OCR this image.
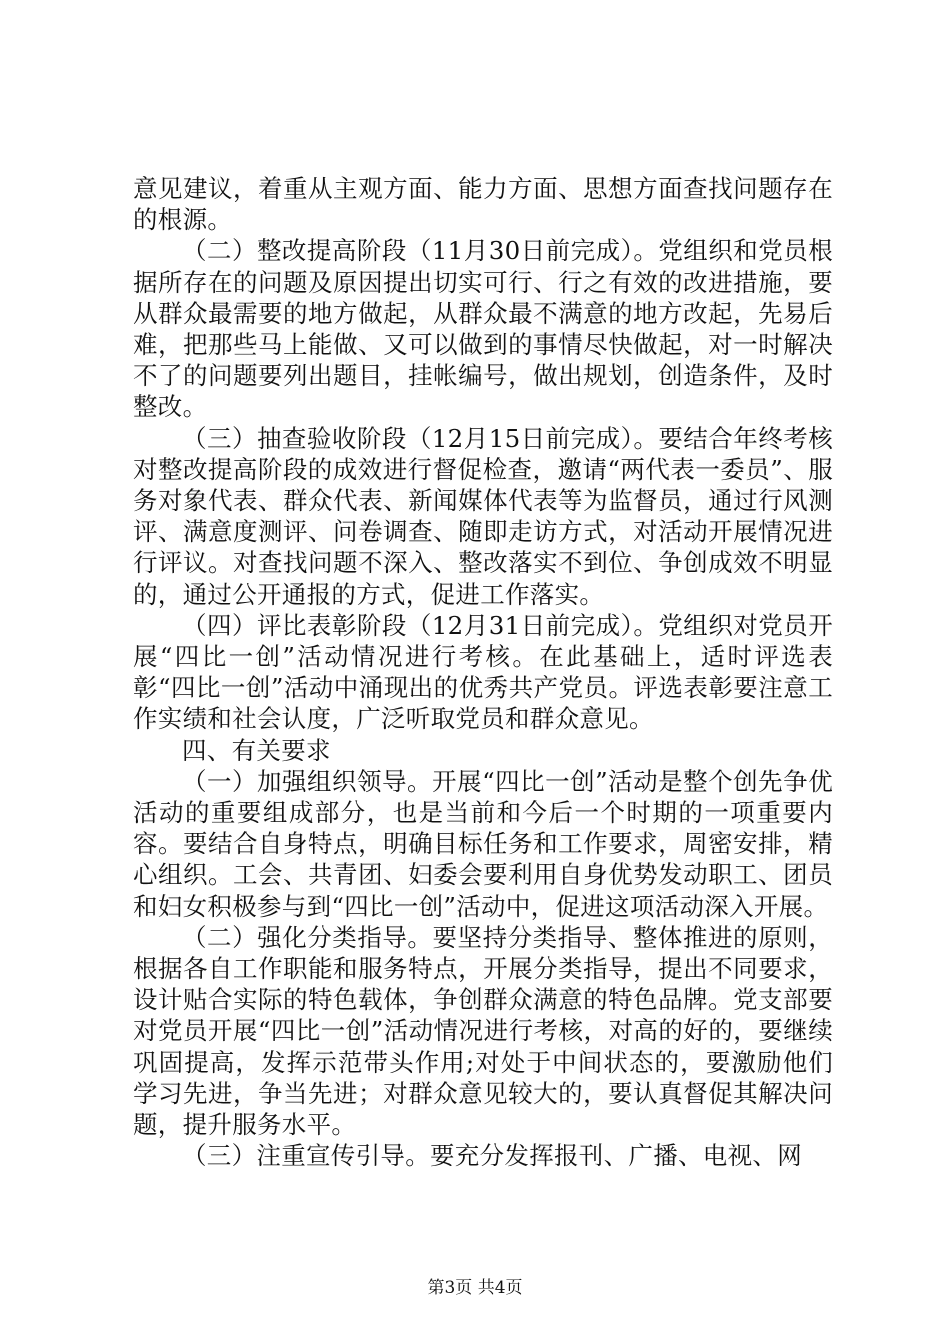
意见建议，着重从主观方面、能力方面、思想方面查找问题存在的根源。

（二）整改提高阶段（11月30日前完成）。党组织和党员根据所存在的问题及原因提出切实可行、行之有效的改进措施，要从群众最需要的地方做起，从群众最不满意的地方改起，先易后难，把那些马上能做、又可以做到的事情尽快做起，对一时解决不了的问题要列出题目，挂帐编号，做出规划，创造条件，及时整改。

（三）抽查验收阶段（12月15日前完成）。要结合年终考核对整改提高阶段的成效进行督促检查，邀请“两代表一委员”、服务对象代表、群众代表、新闻媒体代表等为监督员，通过行风测评、满意度测评、问卷调查、随即走访方式，对活动开展情况进行评议。对查找问题不深入、整改落实不到位、争创成效不明显的，通过公开通报的方式，促进工作落实。

（四）评比表彰阶段（12月31日前完成）。党组织对党员开展“四比一创”活动情况进行考核。在此基础上，适时评选表彰“四比一创”活动中涌现出的优秀共产党员。评选表彰要注意工作实绩和社会认度，广泛听取党员和群众意见。

四、有关要求

（一）加强组织领导。开展“四比一创”活动是整个创先争优活动的重要组成部分，也是当前和今后一个时期的一项重要内容。要结合自身特点，明确目标任务和工作要求，周密安排，精心组织。工会、共青团、妇委会要利用自身优势发动职工、团员和妇女积极参与到“四比一创”活动中，促进这项活动深入开展。

（二）强化分类指导。要坚持分类指导、整体推进的原则，根据各自工作职能和服务特点，开展分类指导，提出不同要求，设计贴合实际的特色载体，争创群众满意的特色品牌。党支部要对党员开展“四比一创”活动情况进行考核，对高的好的，要继续巩固提高，发挥示范带头作用;对处于中间状态的，要激励他们学习先进，争当先进；对群众意见较大的，要认真督促其解决问题，提升服务水平。

（三）注重宣传引导。要充分发挥报刊、广播、电视、网

第3页 共4页
